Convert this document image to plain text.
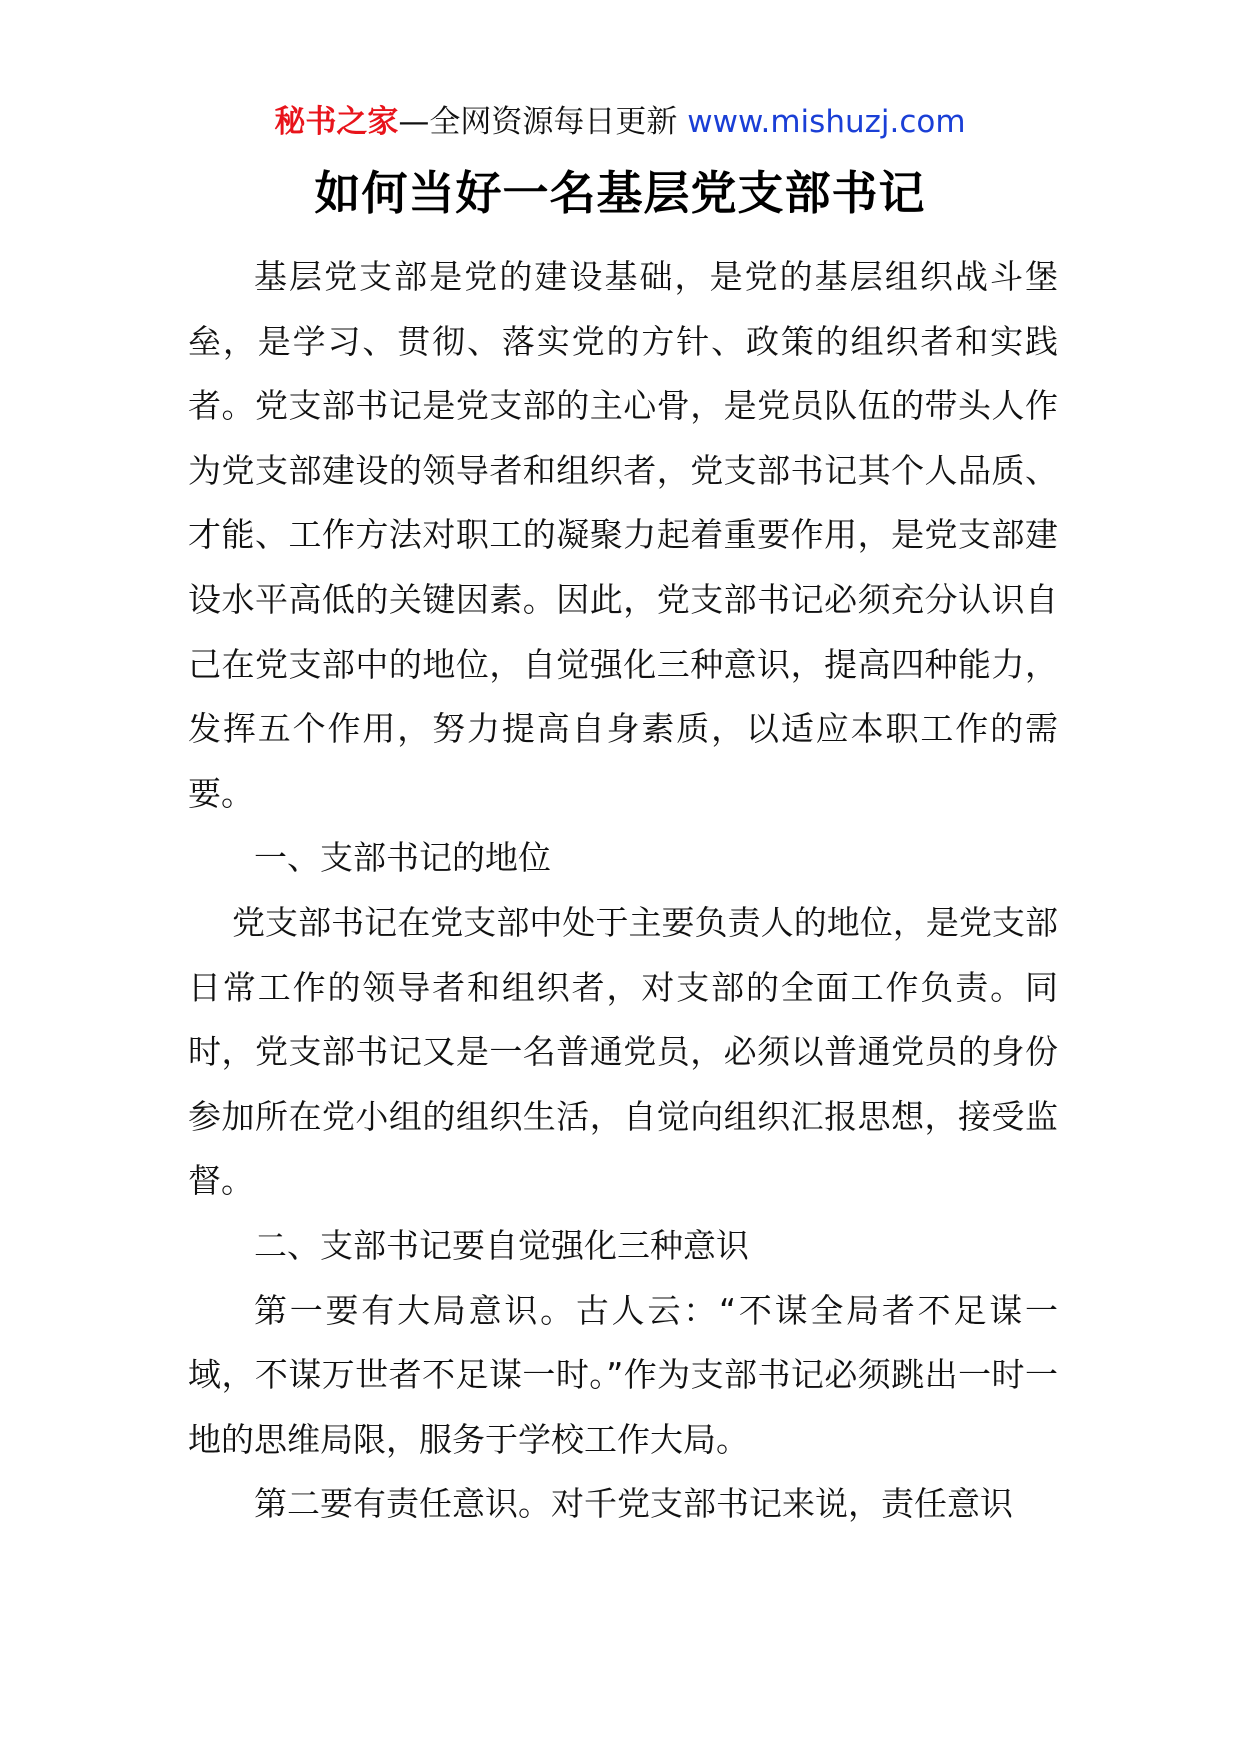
秘书之家—全网资源每日更新 www.mishuzj.com
如何当好一名基层党支部书记

基层党支部是党的建设基础，是党的基层组织战斗堡垒，是学习、贯彻、落实党的方针、政策的组织者和实践者。党支部书记是党支部的主心骨，是党员队伍的带头人作为党支部建设的领导者和组织者，党支部书记其个人品质、才能、工作方法对职工的凝聚力起着重要作用，是党支部建设水平高低的关键因素。因此，党支部书记必须充分认识自己在党支部中的地位，自觉强化三种意识，提高四种能力，发挥五个作用，努力提高自身素质，以适应本职工作的需要。

一、支部书记的地位

党支部书记在党支部中处于主要负责人的地位，是党支部日常工作的领导者和组织者，对支部的全面工作负责。同时，党支部书记又是一名普通党员，必须以普通党员的身份参加所在党小组的组织生活，自觉向组织汇报思想，接受监督。

二、支部书记要自觉强化三种意识

第一要有大局意识。古人云：“不谋全局者不足谋一域，不谋万世者不足谋一时。”作为支部书记必须跳出一时一地的思维局限，服务于学校工作大局。

第二要有责任意识。对千党支部书记来说，责任意识
